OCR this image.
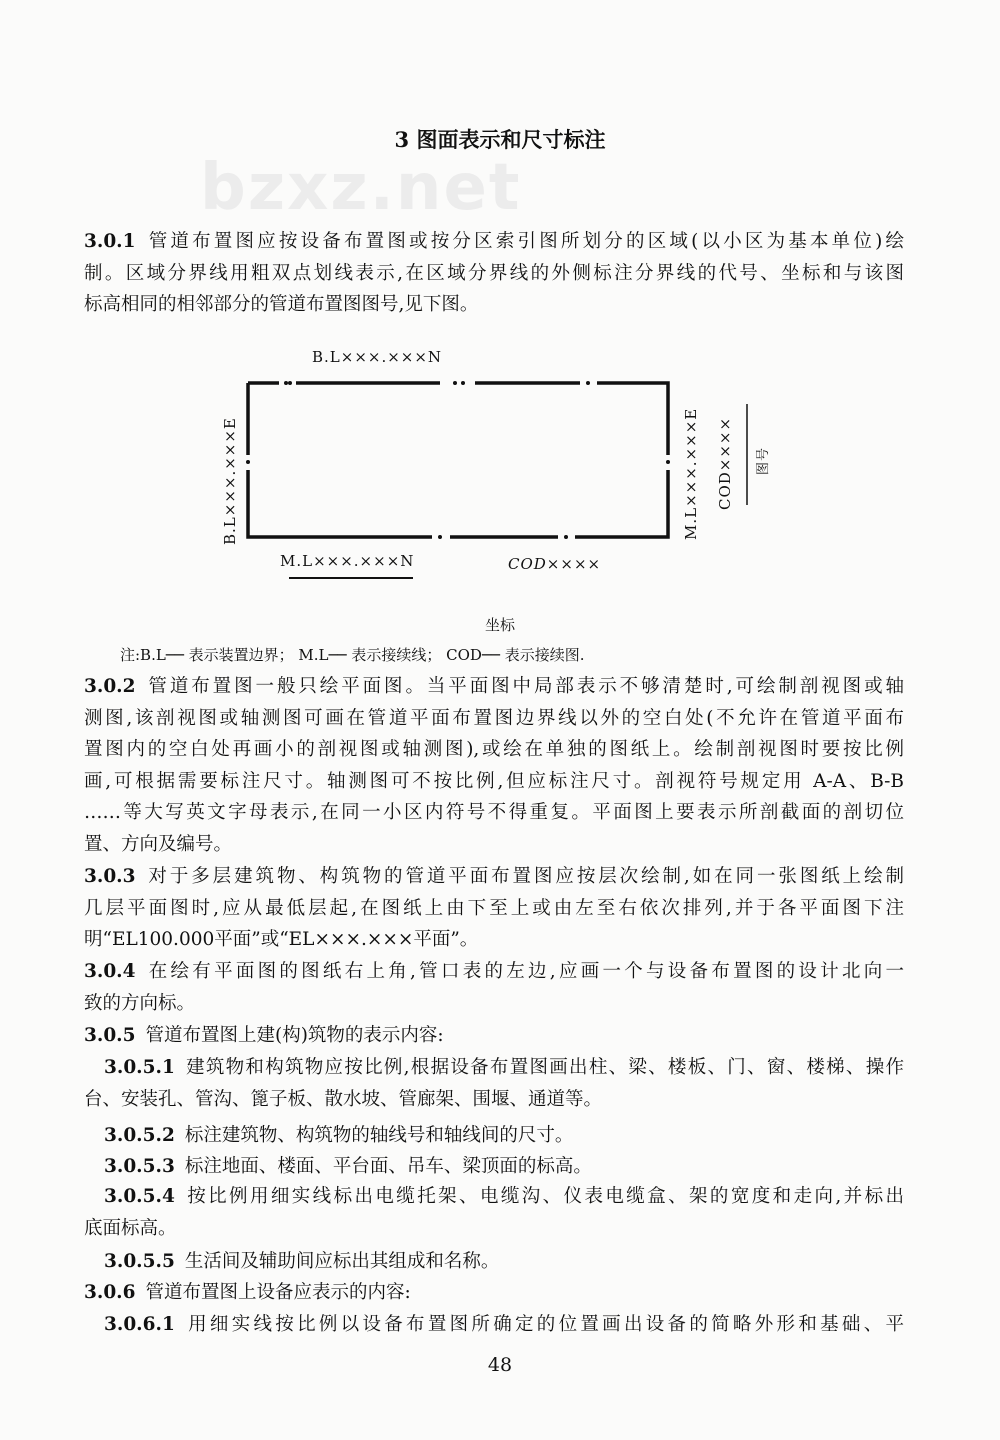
3 图面表示和尺寸标注
bzxz.net
3.0.1 管道布置图应按设备布置图或按分区索引图所划分的区域(以小区为基本单位)绘
制。区域分界线用粗双点划线表示,在区域分界线的外侧标注分界线的代号、坐标和与该图
标高相同的相邻部分的管道布置图图号,见下图。
B.L×××.×××N
B.L×××.×××E	M.L×××.×××E
M.L×××.×××N	COD××××
COD××××	图号
坐标
注:B.L── 表示装置边界； M.L── 表示接续线； COD── 表示接续图.
3.0.2 管道布置图一般只绘平面图。当平面图中局部表示不够清楚时,可绘制剖视图或轴
测图,该剖视图或轴测图可画在管道平面布置图边界线以外的空白处(不允许在管道平面布
置图内的空白处再画小的剖视图或轴测图),或绘在单独的图纸上。绘制剖视图时要按比例
画,可根据需要标注尺寸。轴测图可不按比例,但应标注尺寸。剖视符号规定用 A-A、B-B
……等大写英文字母表示,在同一小区内符号不得重复。平面图上要表示所剖截面的剖切位
置、方向及编号。
3.0.3 对于多层建筑物、构筑物的管道平面布置图应按层次绘制,如在同一张图纸上绘制
几层平面图时,应从最低层起,在图纸上由下至上或由左至右依次排列,并于各平面图下注
明“EL100.000平面”或“EL×××.×××平面”。
3.0.4 在绘有平面图的图纸右上角,管口表的左边,应画一个与设备布置图的设计北向一
致的方向标。
3.0.5 管道布置图上建(构)筑物的表示内容:
3.0.5.1 建筑物和构筑物应按比例,根据设备布置图画出柱、梁、楼板、门、窗、楼梯、操作
台、安装孔、管沟、篦子板、散水坡、管廊架、围堰、通道等。
3.0.5.2 标注建筑物、构筑物的轴线号和轴线间的尺寸。
3.0.5.3 标注地面、楼面、平台面、吊车、梁顶面的标高。
3.0.5.4 按比例用细实线标出电缆托架、电缆沟、仪表电缆盒、架的宽度和走向,并标出
底面标高。
3.0.5.5 生活间及辅助间应标出其组成和名称。
3.0.6 管道布置图上设备应表示的内容:
3.0.6.1 用细实线按比例以设备布置图所确定的位置画出设备的简略外形和基础、平
48
